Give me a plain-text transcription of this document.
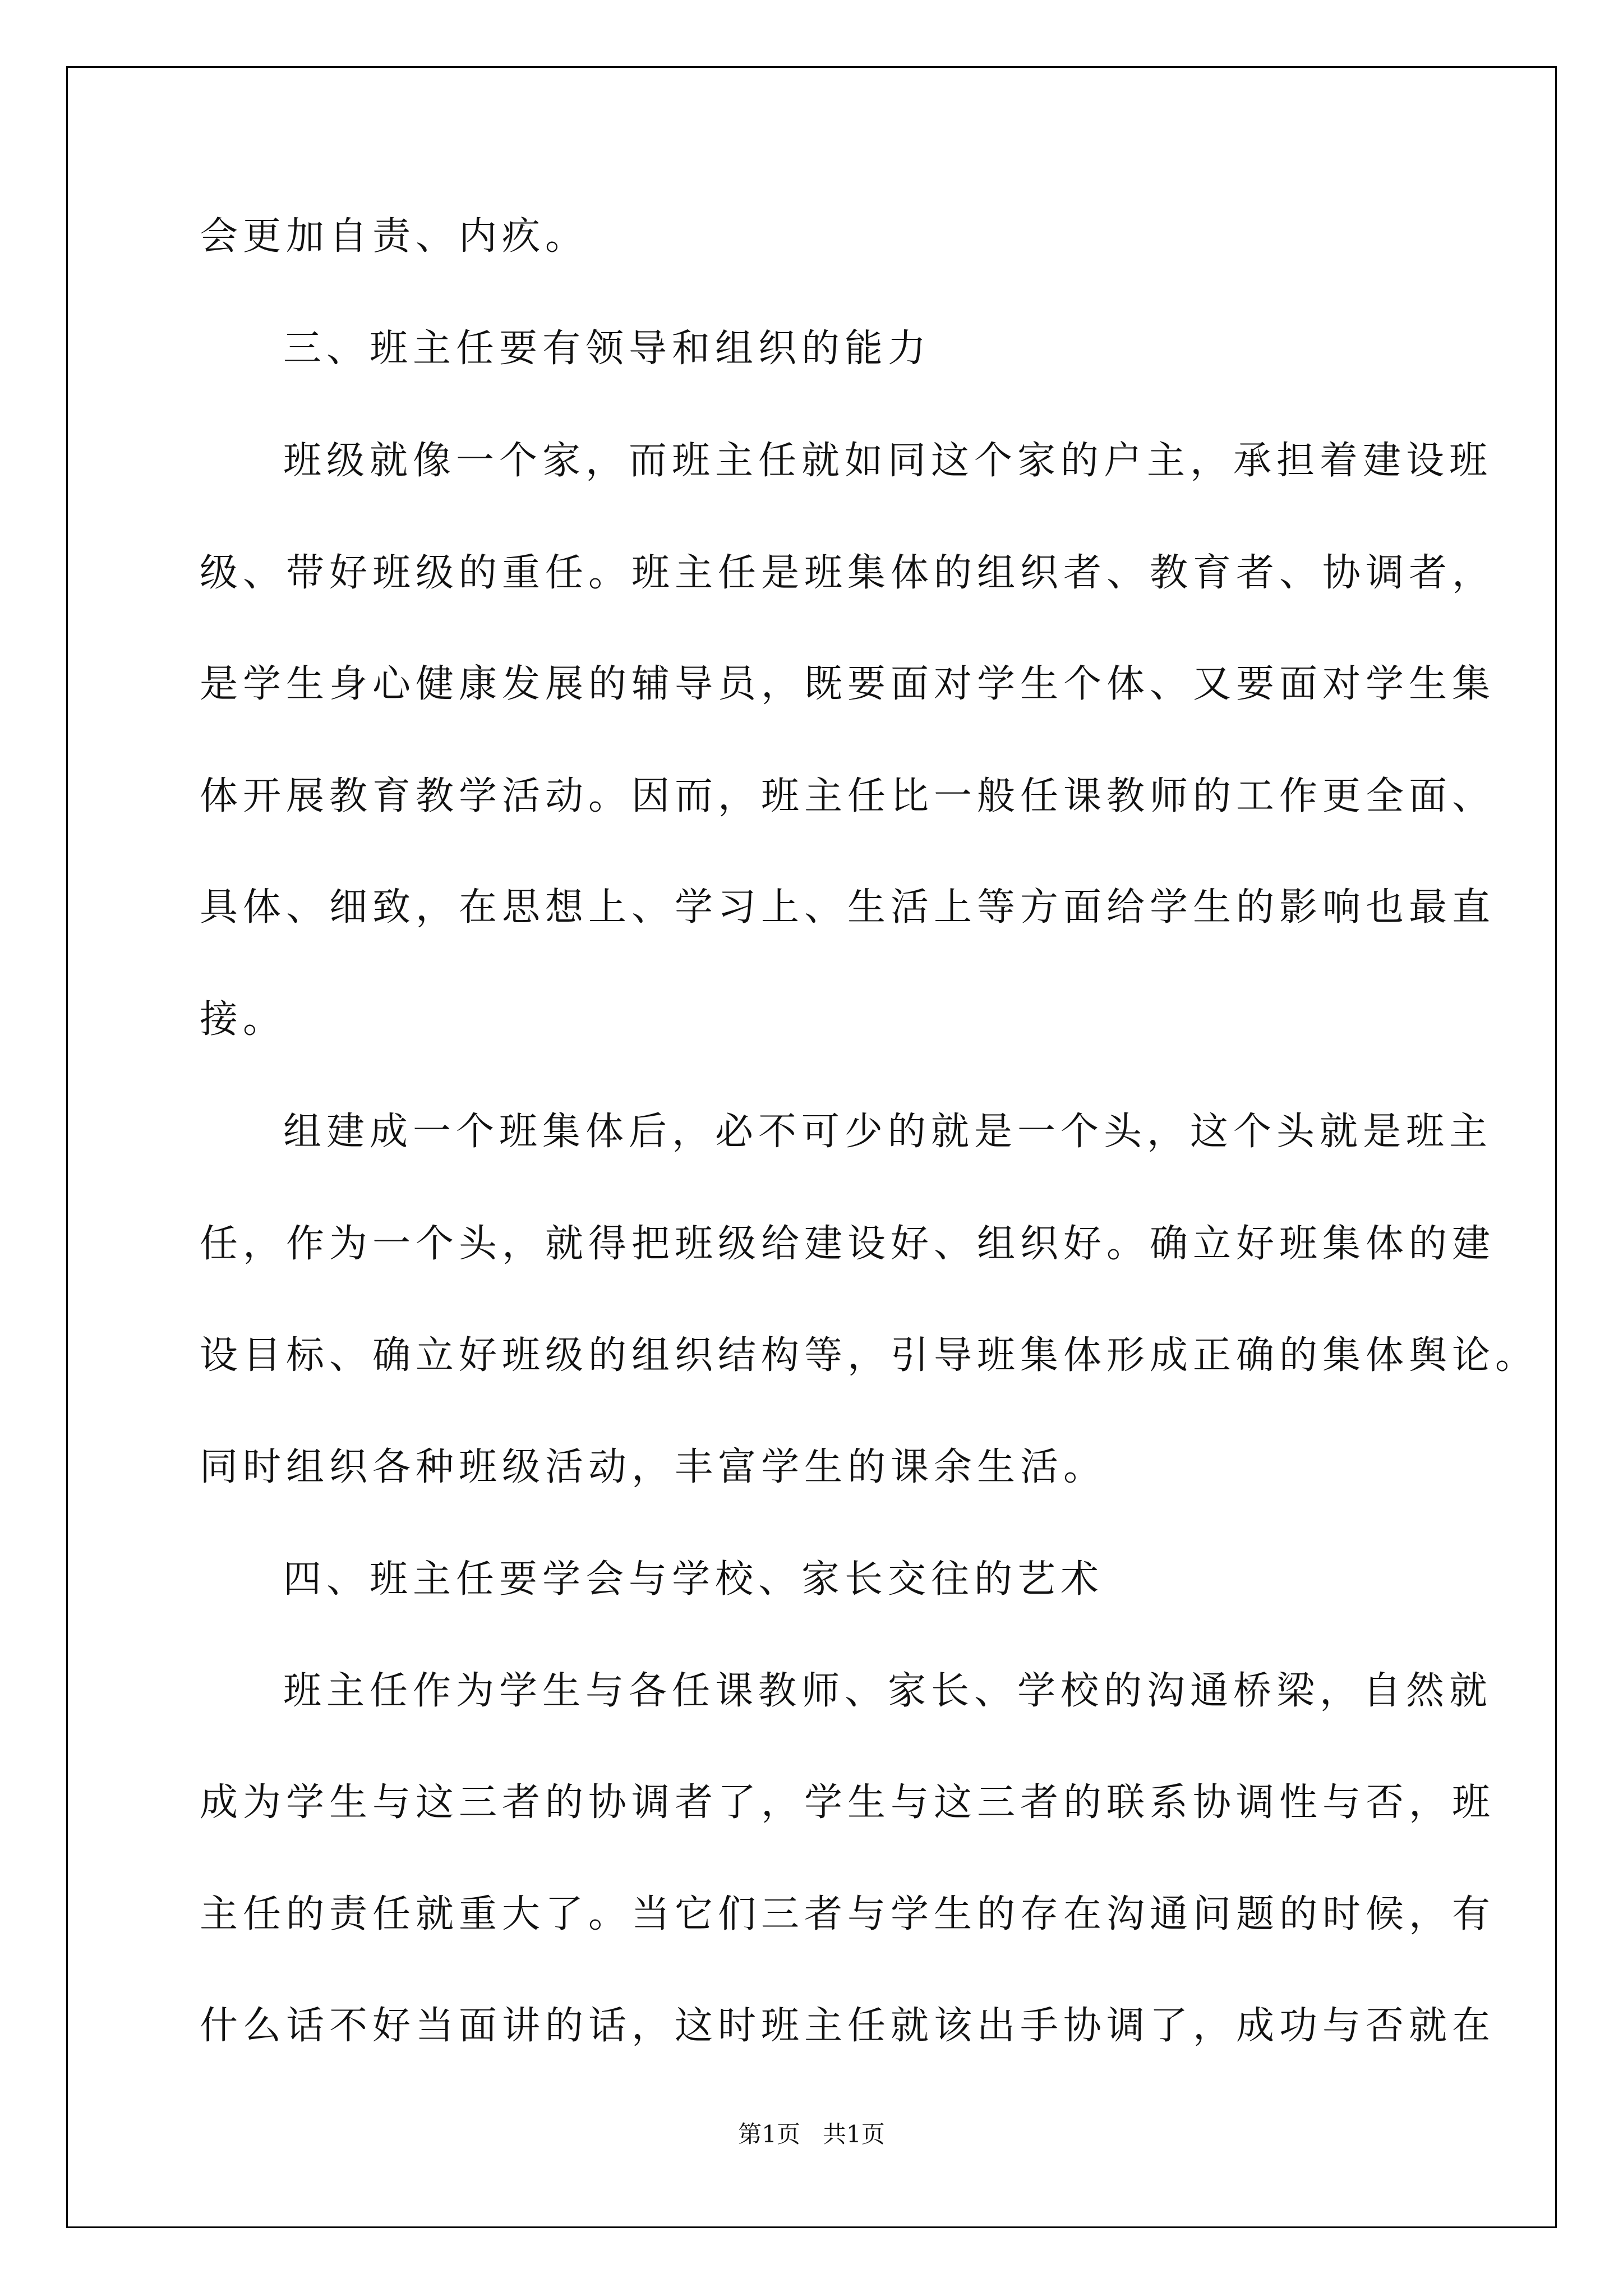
会更加自责、内疚。

三、班主任要有领导和组织的能力

班级就像一个家，而班主任就如同这个家的户主，承担着建设班

级、带好班级的重任。班主任是班集体的组织者、教育者、协调者，

是学生身心健康发展的辅导员，既要面对学生个体、又要面对学生集

体开展教育教学活动。因而，班主任比一般任课教师的工作更全面、

具体、细致，在思想上、学习上、生活上等方面给学生的影响也最直

接。

组建成一个班集体后，必不可少的就是一个头，这个头就是班主

任，作为一个头，就得把班级给建设好、组织好。确立好班集体的建

设目标、确立好班级的组织结构等，引导班集体形成正确的集体舆论。

同时组织各种班级活动，丰富学生的课余生活。

四、班主任要学会与学校、家长交往的艺术

班主任作为学生与各任课教师、家长、学校的沟通桥梁，自然就

成为学生与这三者的协调者了，学生与这三者的联系协调性与否，班

主任的责任就重大了。当它们三者与学生的存在沟通问题的时候，有

什么话不好当面讲的话，这时班主任就该出手协调了，成功与否就在

第1页   共1页
